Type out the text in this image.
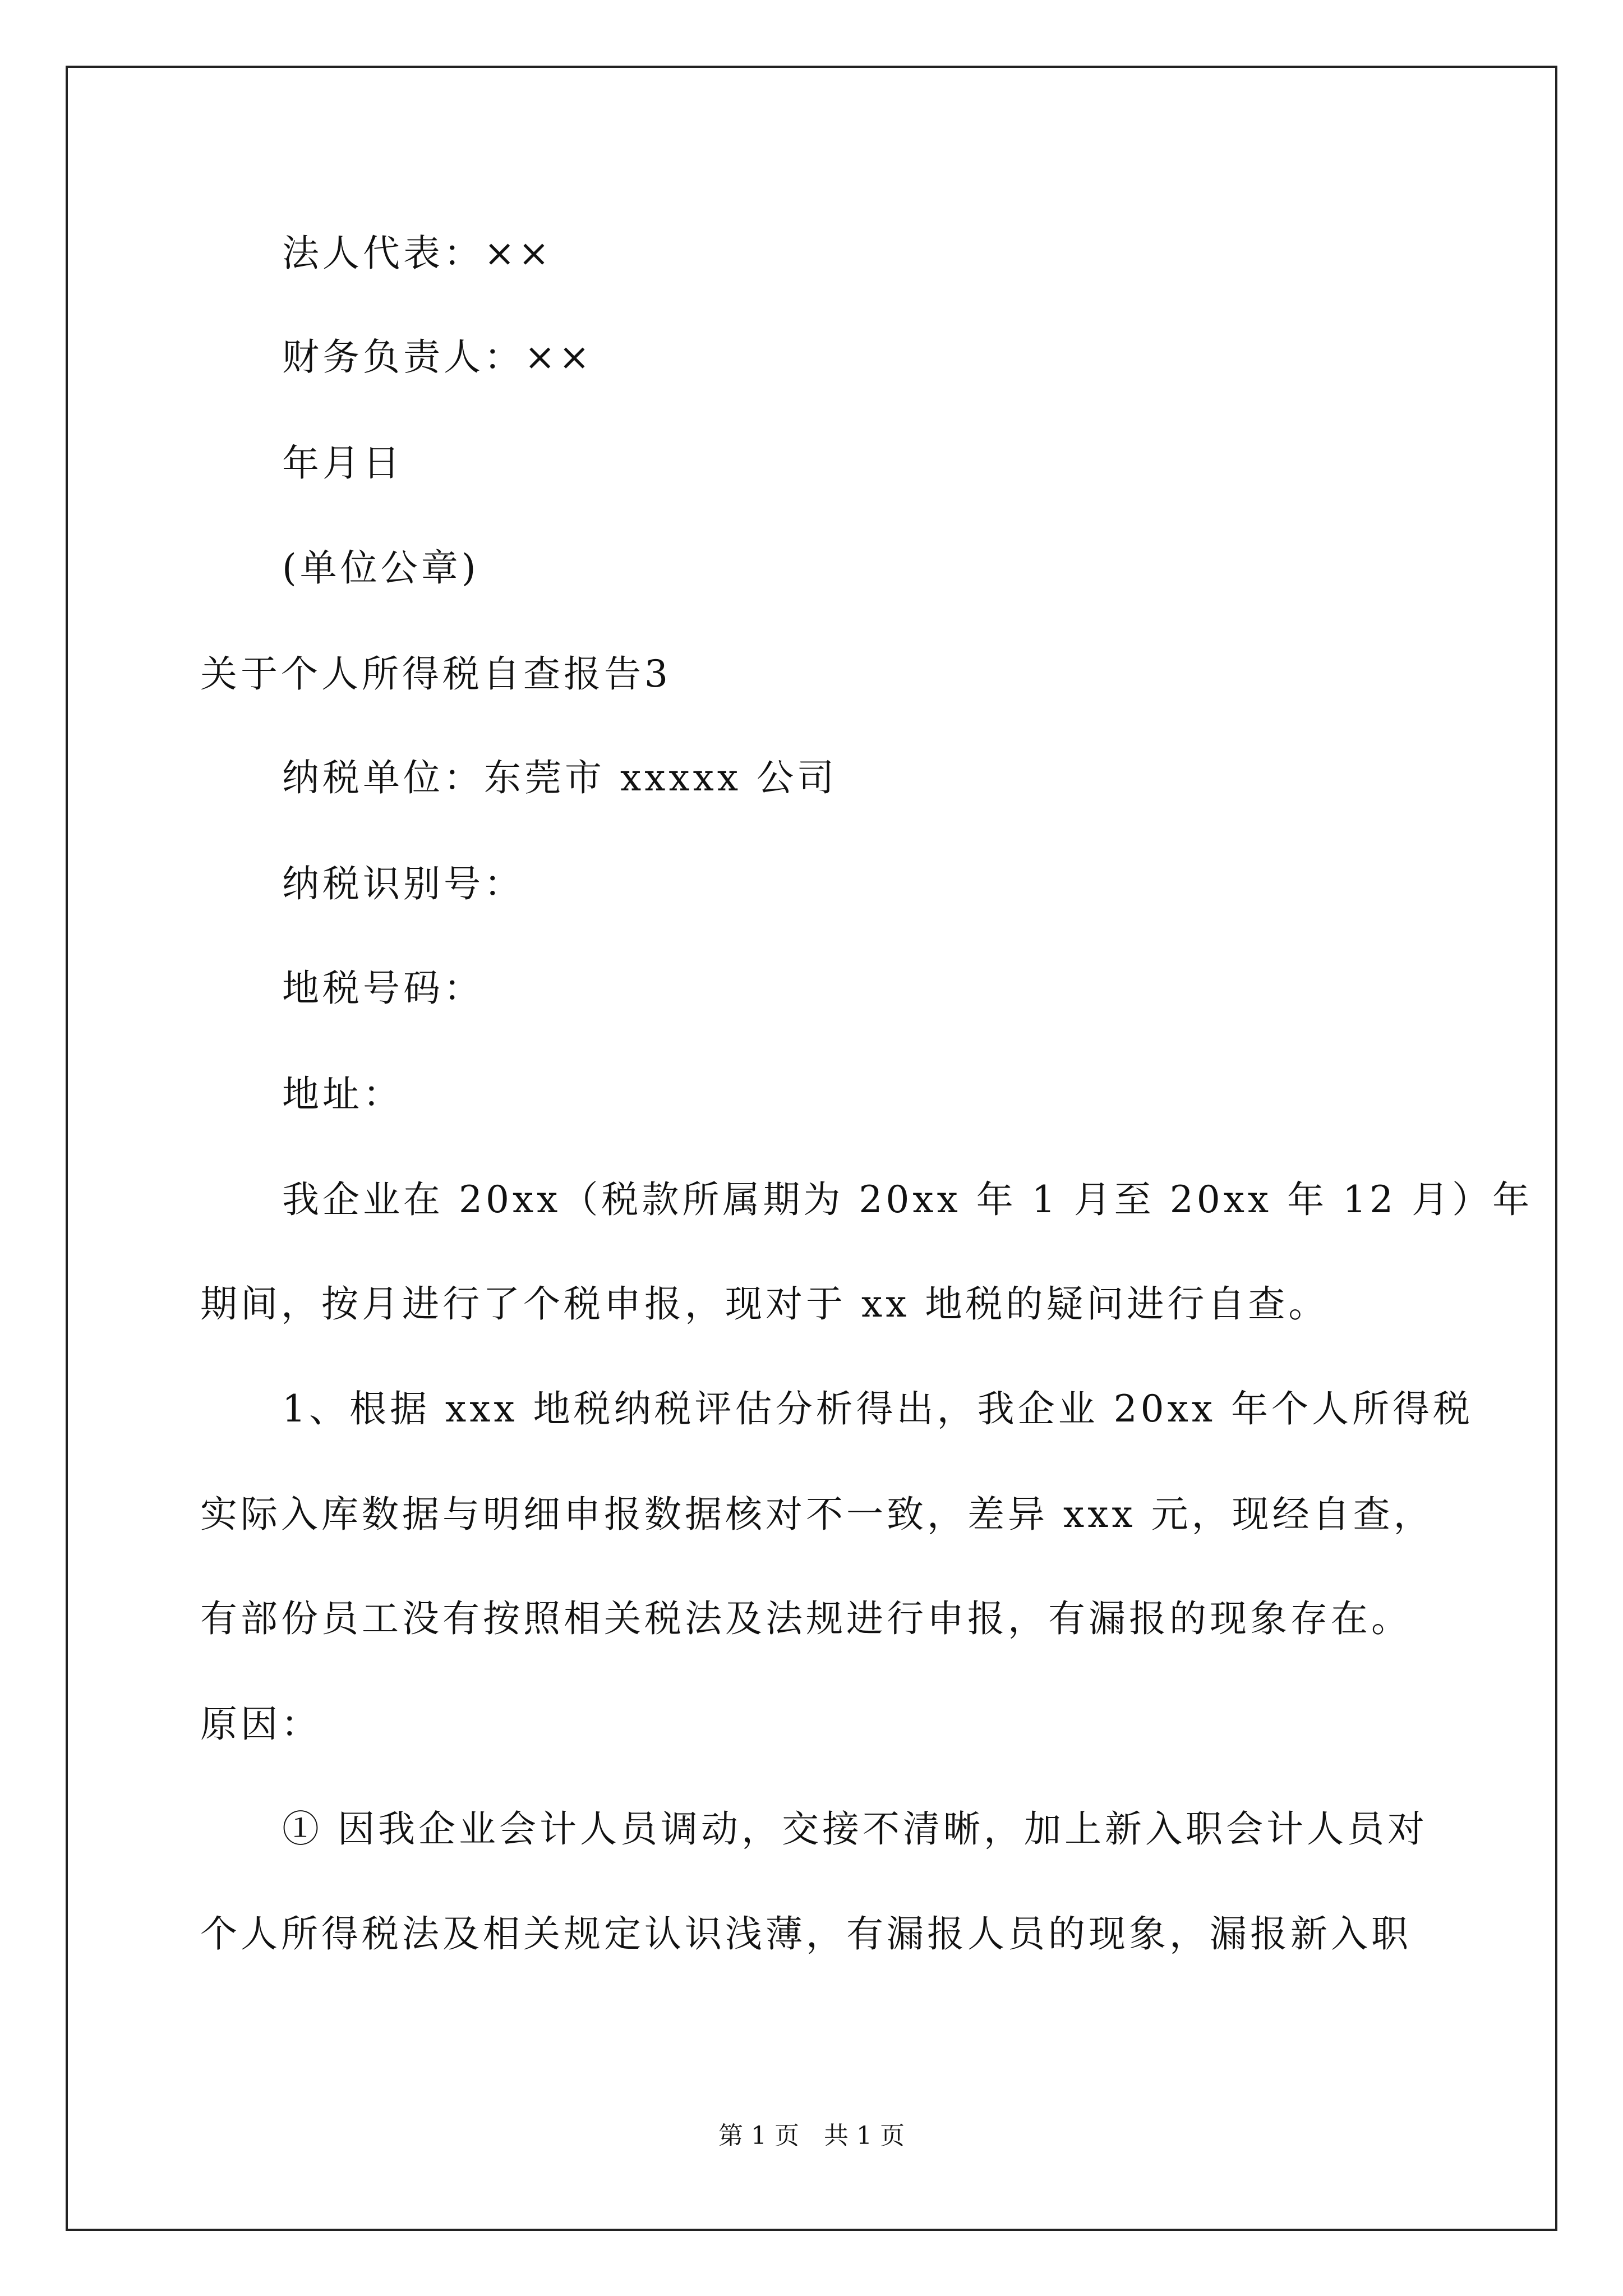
法人代表：××
财务负责人：××
年月日
(单位公章)
关于个人所得税自查报告3
纳税单位：东莞市 xxxxx 公司
纳税识别号：
地税号码：
地址：
我企业在 20xx（税款所属期为 20xx 年 1 月至 20xx 年 12 月）年
期间，按月进行了个税申报，现对于 xx 地税的疑问进行自查。
1、根据 xxx 地税纳税评估分析得出，我企业 20xx 年个人所得税
实际入库数据与明细申报数据核对不一致，差异 xxx 元，现经自查，
有部份员工没有按照相关税法及法规进行申报，有漏报的现象存在。
原因：
① 因我企业会计人员调动，交接不清晰，加上新入职会计人员对
个人所得税法及相关规定认识浅薄，有漏报人员的现象，漏报新入职
第 1 页　共 1 页
